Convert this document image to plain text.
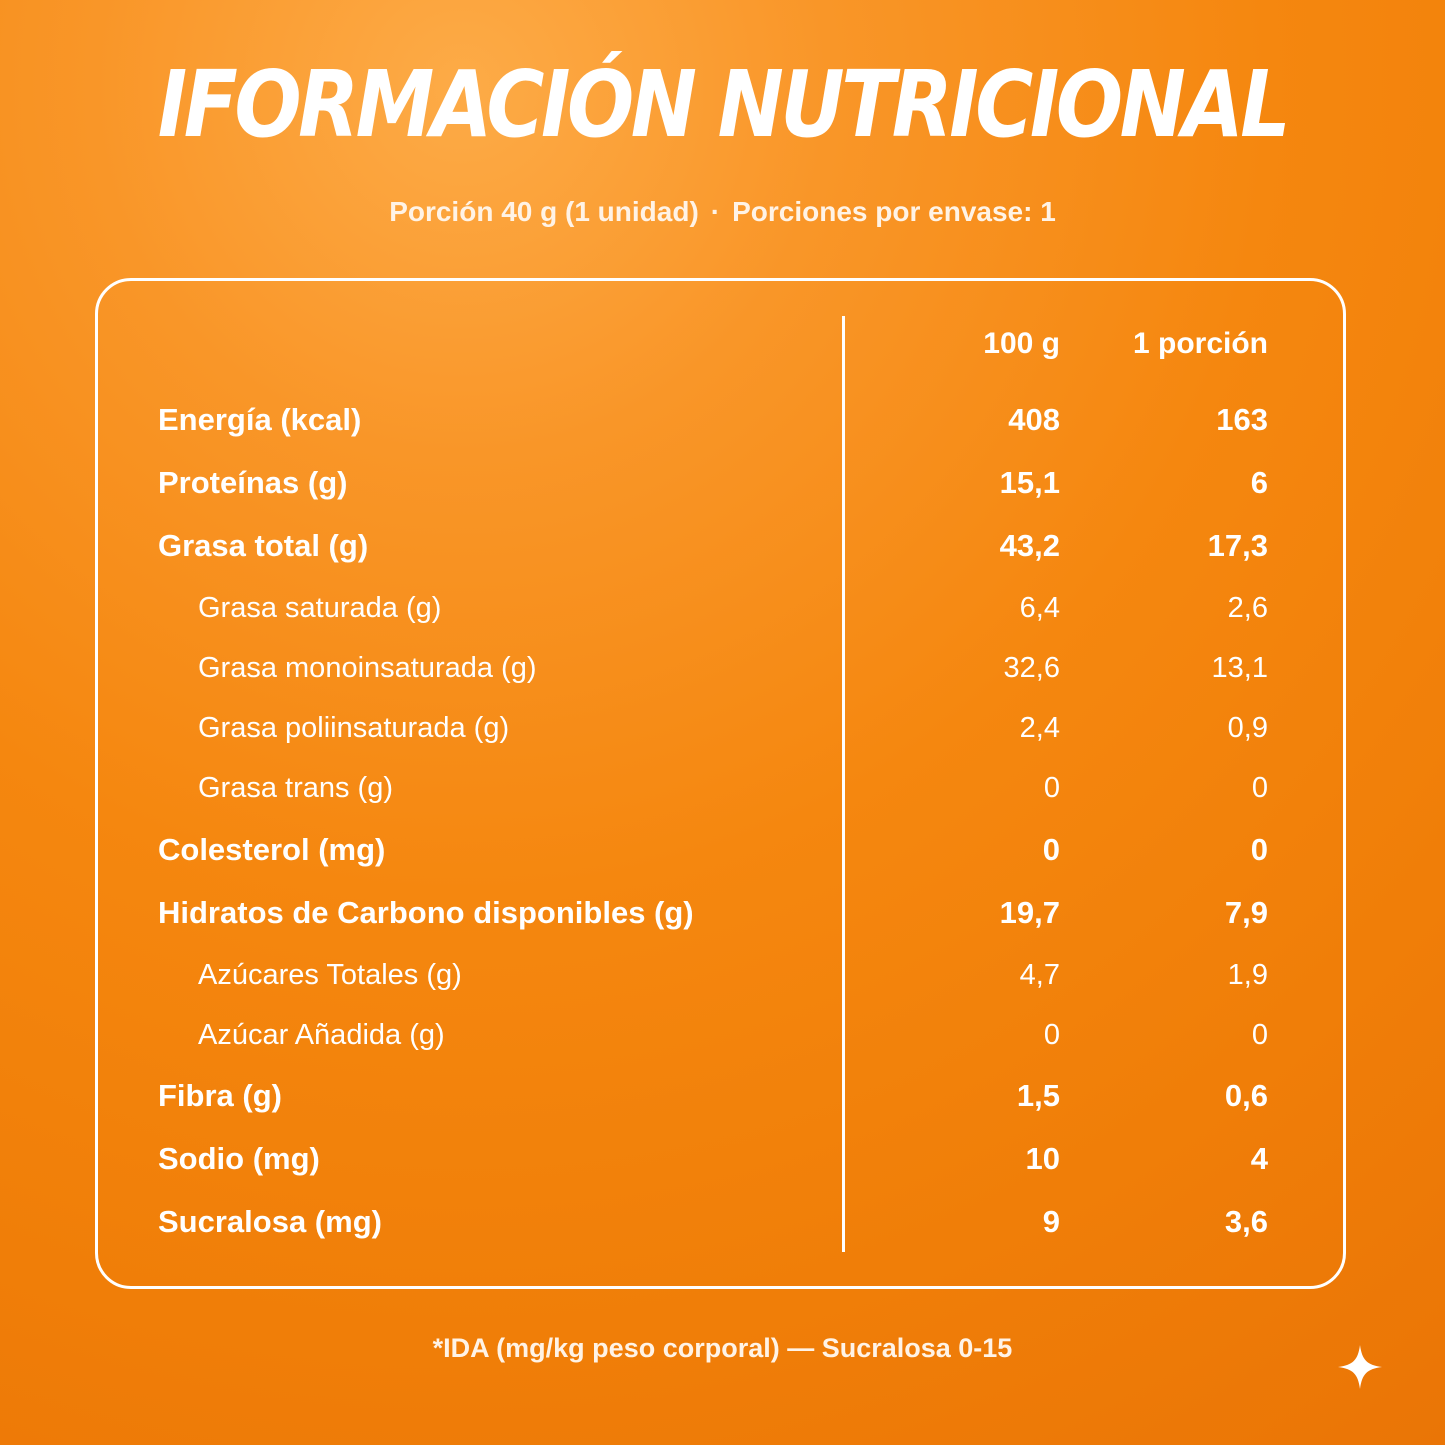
IFORMACIÓN NUTRICIONAL
Porción 40 g (1 unidad) · Porciones por envase: 1
100 g	1 porción
Energía (kcal)	408	163
Proteínas (g)	15,1	6
Grasa total (g)	43,2	17,3
Grasa saturada (g)	6,4	2,6
Grasa monoinsaturada (g)	32,6	13,1
Grasa poliinsaturada (g)	2,4	0,9
Grasa trans (g)	0	0
Colesterol (mg)	0	0
Hidratos de Carbono disponibles (g)	19,7	7,9
Azúcares Totales (g)	4,7	1,9
Azúcar Añadida (g)	0	0
Fibra (g)	1,5	0,6
Sodio (mg)	10	4
Sucralosa (mg)	9	3,6
*IDA (mg/kg peso corporal) — Sucralosa 0-15
